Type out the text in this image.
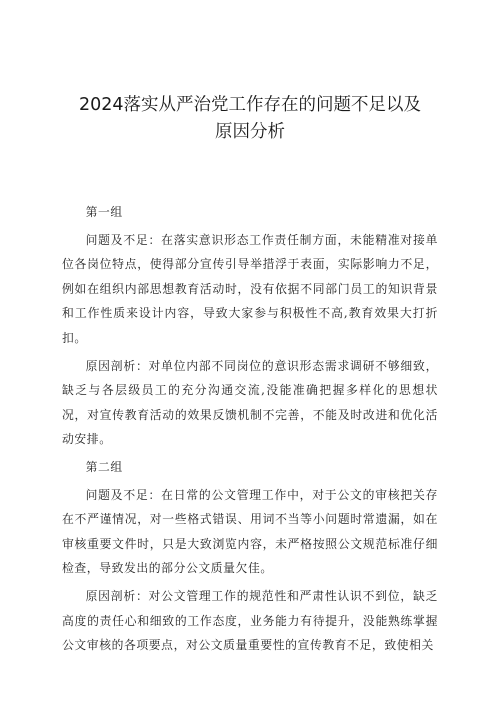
2024落实从严治党工作存在的问题不足以及
原因分析

第一组

问题及不足：在落实意识形态工作责任制方面，未能精准对接单位各岗位特点，使得部分宣传引导举措浮于表面，实际影响力不足，例如在组织内部思想教育活动时，没有依据不同部门员工的知识背景和工作性质来设计内容，导致大家参与积极性不高,教育效果大打折扣。

原因剖析：对单位内部不同岗位的意识形态需求调研不够细致，缺乏与各层级员工的充分沟通交流,没能准确把握多样化的思想状况，对宣传教育活动的效果反馈机制不完善，不能及时改进和优化活动安排。

第二组

问题及不足：在日常的公文管理工作中，对于公文的审核把关存在不严谨情况，对一些格式错误、用词不当等小问题时常遗漏，如在审核重要文件时，只是大致浏览内容，未严格按照公文规范标准仔细检查，导致发出的部分公文质量欠佳。

原因剖析：对公文管理工作的规范性和严肃性认识不到位，缺乏高度的责任心和细致的工作态度，业务能力有待提升，没能熟练掌握公文审核的各项要点，对公文质量重要性的宣传教育不足，致使相关
